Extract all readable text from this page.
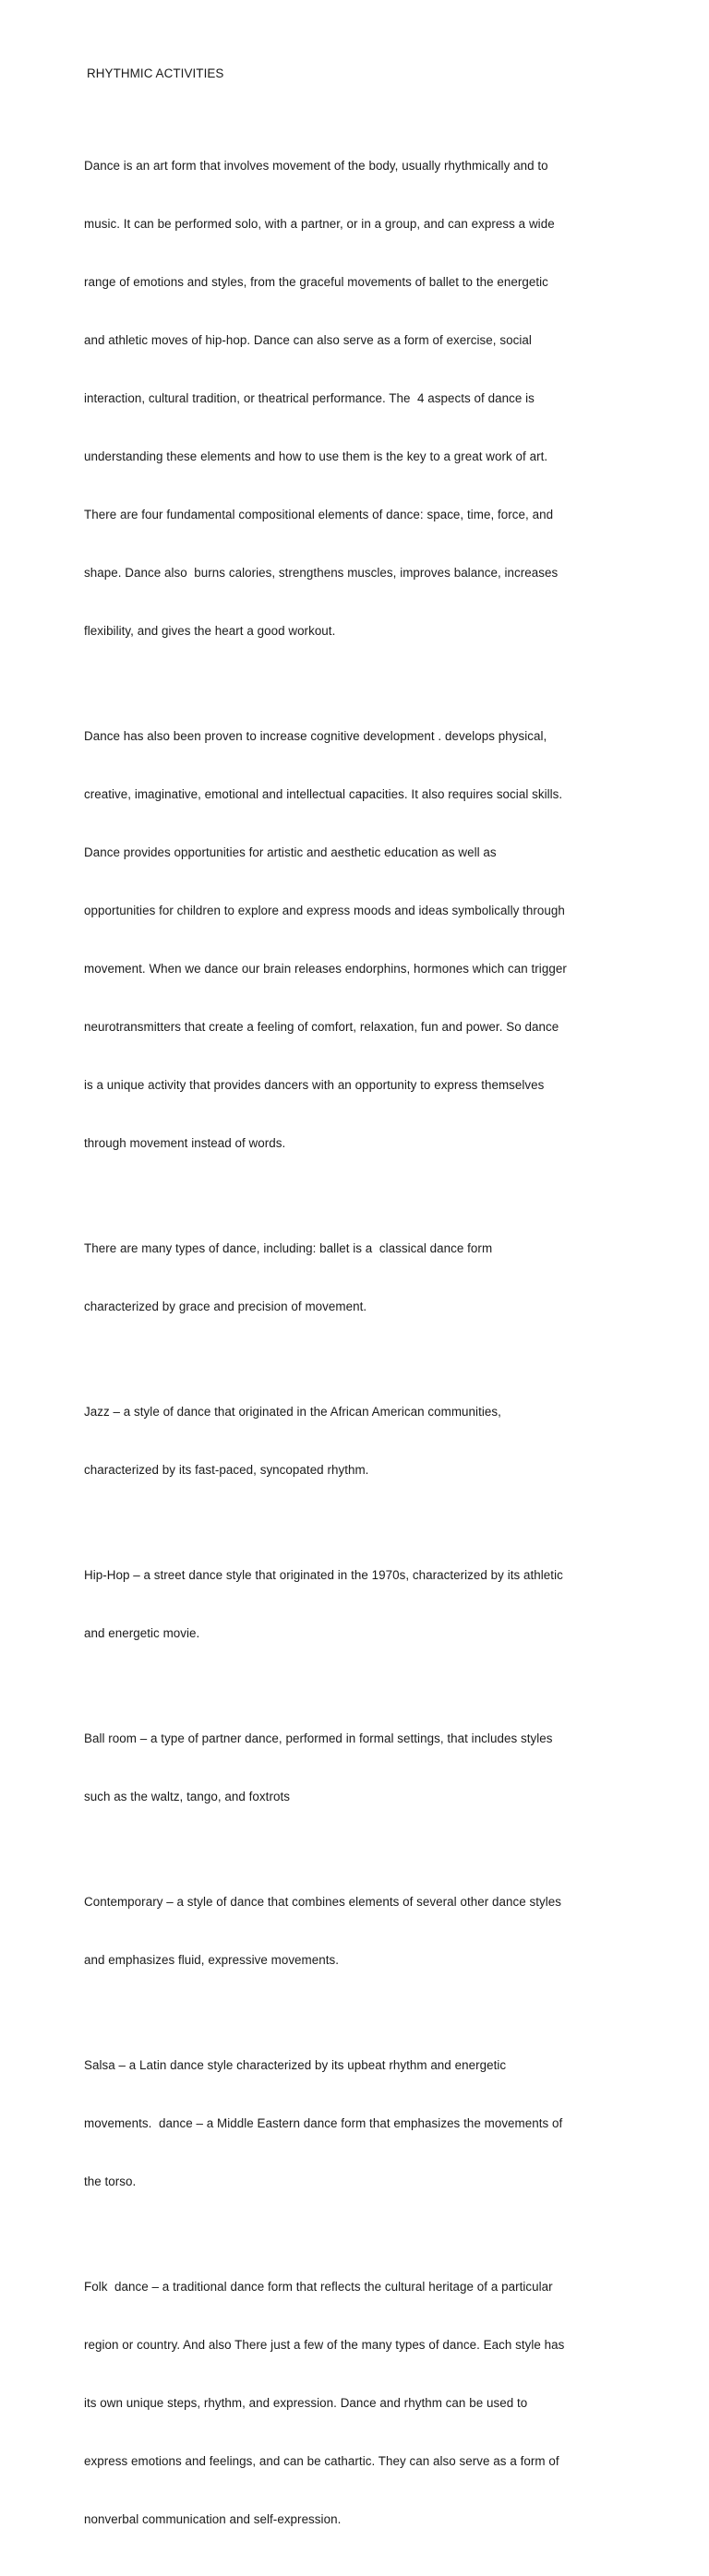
RHYTHMIC ACTIVITIES

Dance is an art form that involves movement of the body, usually rhythmically and to

music. It can be performed solo, with a partner, or in a group, and can express a wide

range of emotions and styles, from the graceful movements of ballet to the energetic

and athletic moves of hip-hop. Dance can also serve as a form of exercise, social

interaction, cultural tradition, or theatrical performance. The  4 aspects of dance is

understanding these elements and how to use them is the key to a great work of art.

There are four fundamental compositional elements of dance: space, time, force, and

shape. Dance also  burns calories, strengthens muscles, improves balance, increases

flexibility, and gives the heart a good workout.

Dance has also been proven to increase cognitive development . develops physical,

creative, imaginative, emotional and intellectual capacities. It also requires social skills.

Dance provides opportunities for artistic and aesthetic education as well as

opportunities for children to explore and express moods and ideas symbolically through

movement. When we dance our brain releases endorphins, hormones which can trigger

neurotransmitters that create a feeling of comfort, relaxation, fun and power. So dance

is a unique activity that provides dancers with an opportunity to express themselves

through movement instead of words.

There are many types of dance, including: ballet is a  classical dance form

characterized by grace and precision of movement.

Jazz – a style of dance that originated in the African American communities,

characterized by its fast-paced, syncopated rhythm.

Hip-Hop – a street dance style that originated in the 1970s, characterized by its athletic

and energetic movie.

Ball room – a type of partner dance, performed in formal settings, that includes styles

such as the waltz, tango, and foxtrots

Contemporary – a style of dance that combines elements of several other dance styles

and emphasizes fluid, expressive movements.

Salsa – a Latin dance style characterized by its upbeat rhythm and energetic

movements.  dance – a Middle Eastern dance form that emphasizes the movements of

the torso.

Folk  dance – a traditional dance form that reflects the cultural heritage of a particular

region or country. And also There just a few of the many types of dance. Each style has

its own unique steps, rhythm, and expression. Dance and rhythm can be used to

express emotions and feelings, and can be cathartic. They can also serve as a form of

nonverbal communication and self-expression.
